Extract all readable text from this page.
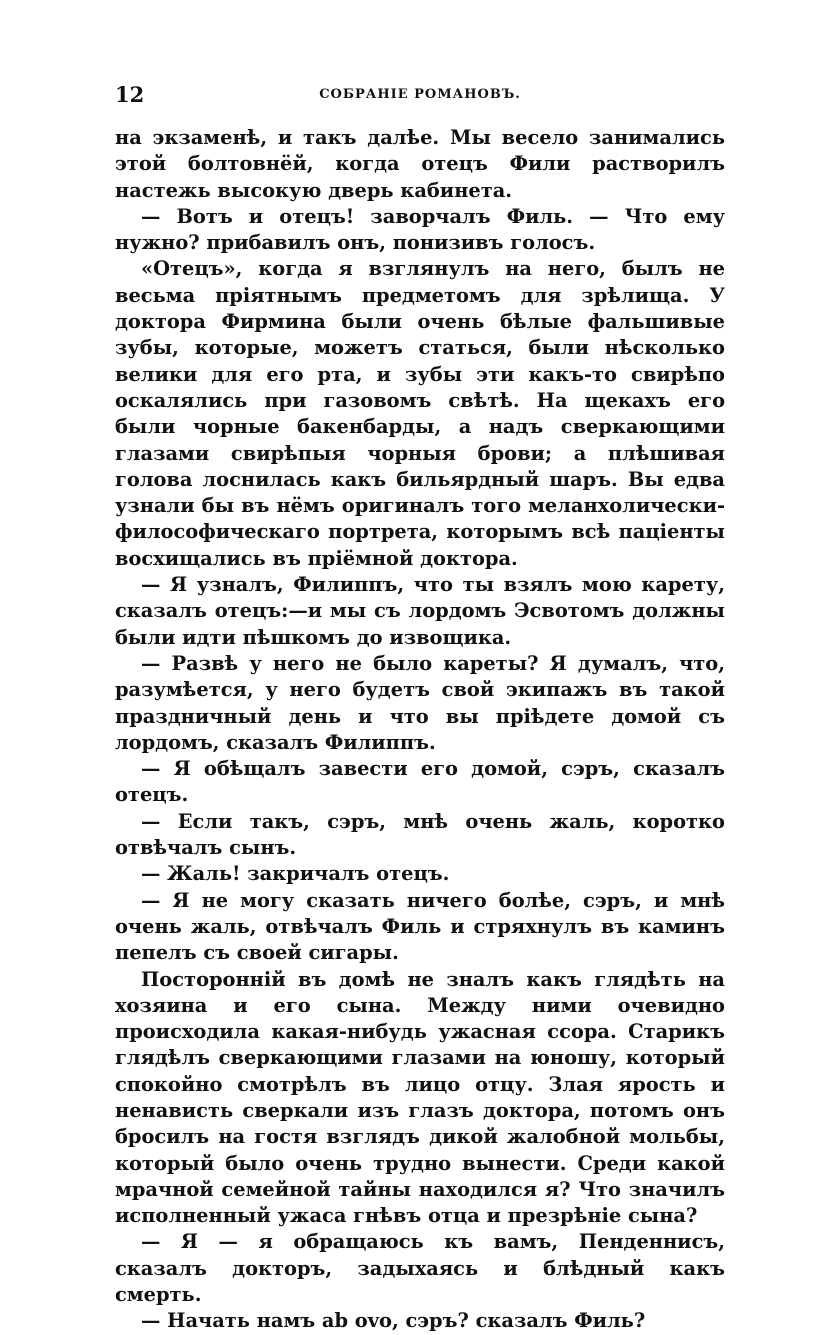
12	СОБРАНІЕ РОМАНОВЪ.

на экзаменѣ, и такъ далѣе. Мы весело занимались этой болтовнёй, когда отецъ Фили растворилъ настежь высокую дверь кабинета.

— Вотъ и отецъ! заворчалъ Филь. — Что ему нужно? прибавилъ онъ, понизивъ голосъ.

«Отецъ», когда я взглянулъ на него, былъ не весьма пріятнымъ предметомъ для зрѣлища. У доктора Фирмина были очень бѣлые фальшивые зубы, которые, можетъ статься, были нѣсколько велики для его рта, и зубы эти какъ-то свирѣпо оскалялись при газовомъ свѣтѣ. На щекахъ его были чорные бакенбарды, а надъ сверкающими глазами свирѣпыя чорныя брови; а плѣшивая голова лоснилась какъ бильярдный шаръ. Вы едва узнали бы въ нёмъ оригиналъ того меланхолически-философическаго портрета, которымъ всѣ паціенты восхищались въ пріёмной доктора.

— Я узналъ, Филиппъ, что ты взялъ мою карету, сказалъ отецъ:—и мы съ лордомъ Эсвотомъ должны были идти пѣшкомъ до извощика.

— Развѣ у него не было кареты? Я думалъ, что, разумѣется, у него будетъ свой экипажъ въ такой праздничный день и что вы пріѣдете домой съ лордомъ, сказалъ Филиппъ.

— Я обѣщалъ завести его домой, сэръ, сказалъ отецъ.

— Если такъ, сэръ, мнѣ очень жаль, коротко отвѣчалъ сынъ.

— Жаль! закричалъ отецъ.

— Я не могу сказать ничего болѣе, сэръ, и мнѣ очень жаль, отвѣчалъ Филь и стряхнулъ въ каминъ пепелъ съ своей сигары.

Посторонній въ домѣ не зналъ какъ глядѣть на хозяина и его сына. Между ними очевидно происходила какая-нибудь ужасная ссора. Старикъ глядѣлъ сверкающими глазами на юношу, который спокойно смотрѣлъ въ лицо отцу. Злая ярость и ненависть сверкали изъ глазъ доктора, потомъ онъ бросилъ на гостя взглядъ дикой жалобной мольбы, который было очень трудно вынести. Среди какой мрачной семейной тайны находился я? Что значилъ исполненный ужаса гнѣвъ отца и презрѣніе сына?

— Я — я обращаюсь къ вамъ, Пенденнисъ, сказалъ докторъ, задыхаясь и блѣдный какъ смерть.

— Начать намъ ab ovo, сэръ? сказалъ Филь?
